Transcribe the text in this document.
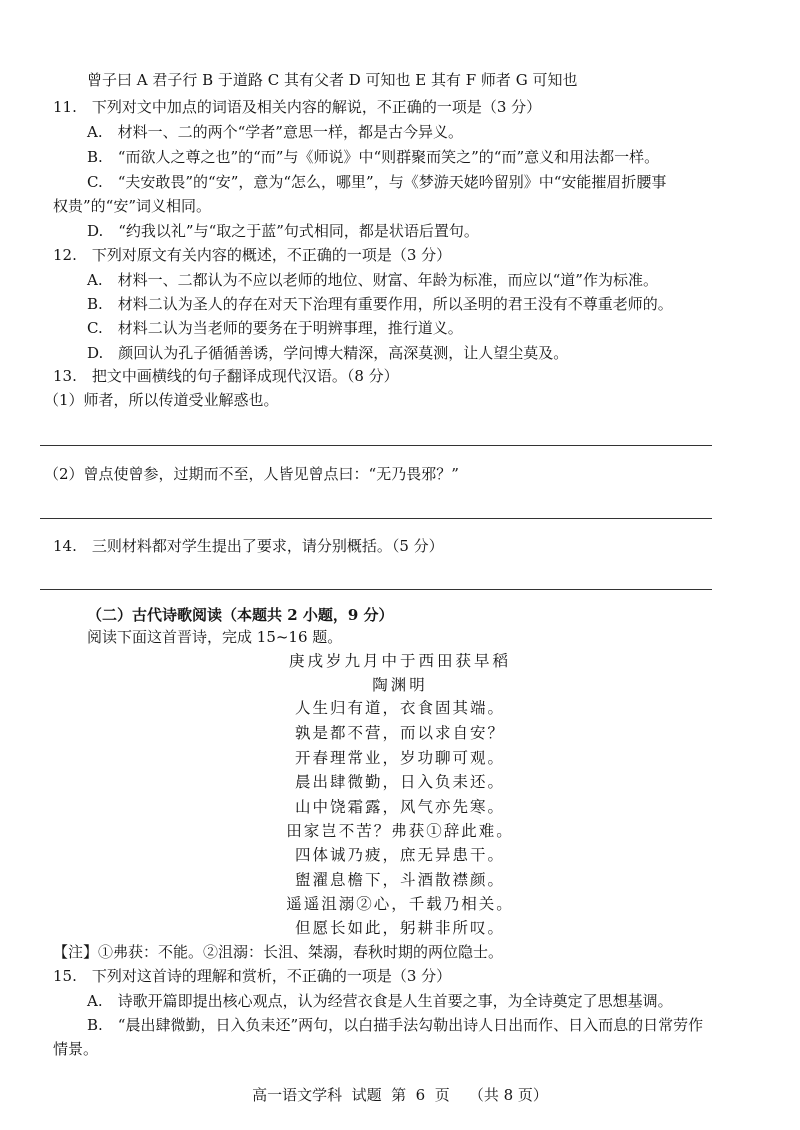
曾子曰 A 君子行 B 于道路 C 其有父者 D 可知也 E 其有 F 师者 G 可知也
11.　下列对文中加点的词语及相关内容的解说，不正确的一项是（3 分）
A.　材料一、二的两个“学者”意思一样，都是古今异义。
B.　“而欲人之尊之也”的“而”与《师说》中“则群聚而笑之”的“而”意义和用法都一样。
C.　“夫安敢畏”的“安”，意为“怎么，哪里”，与《梦游天姥吟留别》中“安能摧眉折腰事
权贵”的“安”词义相同。
D.　“约我以礼”与“取之于蓝”句式相同，都是状语后置句。
12.　下列对原文有关内容的概述，不正确的一项是（3 分）
A.　材料一、二都认为不应以老师的地位、财富、年龄为标准，而应以“道”作为标准。
B.　材料二认为圣人的存在对天下治理有重要作用，所以圣明的君王没有不尊重老师的。
C.　材料二认为当老师的要务在于明辨事理，推行道义。
D.　颜回认为孔子循循善诱，学问博大精深，高深莫测，让人望尘莫及。
13.　把文中画横线的句子翻译成现代汉语。（8 分）
（1）师者，所以传道受业解惑也。
（2）曾点使曾参，过期而不至，人皆见曾点曰：“无乃畏邪？”
14.　三则材料都对学生提出了要求，请分别概括。（5 分）
（二）古代诗歌阅读（本题共 2 小题，9 分）
阅读下面这首晋诗，完成 15~16 题。
庚戌岁九月中于西田获早稻
陶渊明
人生归有道，衣食固其端。
孰是都不营，而以求自安？
开春理常业，岁功聊可观。
晨出肆微勤，日入负耒还。
山中饶霜露，风气亦先寒。
田家岂不苦？弗获①辞此难。
四体诚乃疲，庶无异患干。
盥濯息檐下，斗酒散襟颜。
遥遥沮溺②心，千载乃相关。
但愿长如此，躬耕非所叹。
【注】①弗获：不能。②沮溺：长沮、桀溺，春秋时期的两位隐士。
15.　下列对这首诗的理解和赏析，不正确的一项是（3 分）
A.　诗歌开篇即提出核心观点，认为经营衣食是人生首要之事，为全诗奠定了思想基调。
B.　“晨出肆微勤，日入负耒还”两句，以白描手法勾勒出诗人日出而作、日入而息的日常劳作
情景。
高一语文学科  试题  第  6  页    （共 8 页）
